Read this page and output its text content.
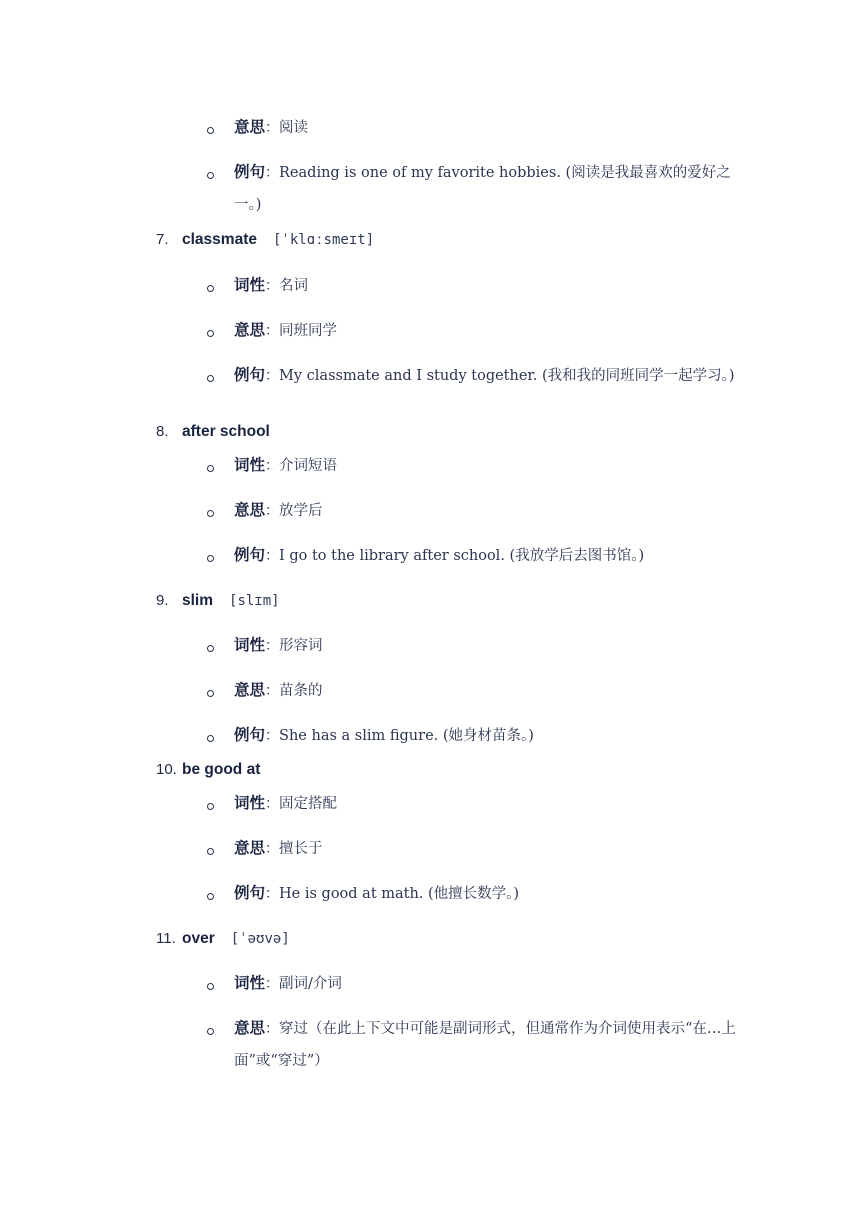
意思：阅读
例句：Reading is one of my favorite hobbies. (阅读是我最喜欢的爱好之一。)
7. classmate [ˈklɑːsmeɪt]
词性：名词
意思：同班同学
例句：My classmate and I study together. (我和我的同班同学一起学习。)
8. after school
词性：介词短语
意思：放学后
例句：I go to the library after school. (我放学后去图书馆。)
9. slim [slɪm]
词性：形容词
意思：苗条的
例句：She has a slim figure. (她身材苗条。)
10. be good at
词性：固定搭配
意思：擅长于
例句：He is good at math. (他擅长数学。)
11. over [ˈəʊvə]
词性：副词/介词
意思：穿过（在此上下文中可能是副词形式，但通常作为介词使用表示“在…上面”或“穿过”）
